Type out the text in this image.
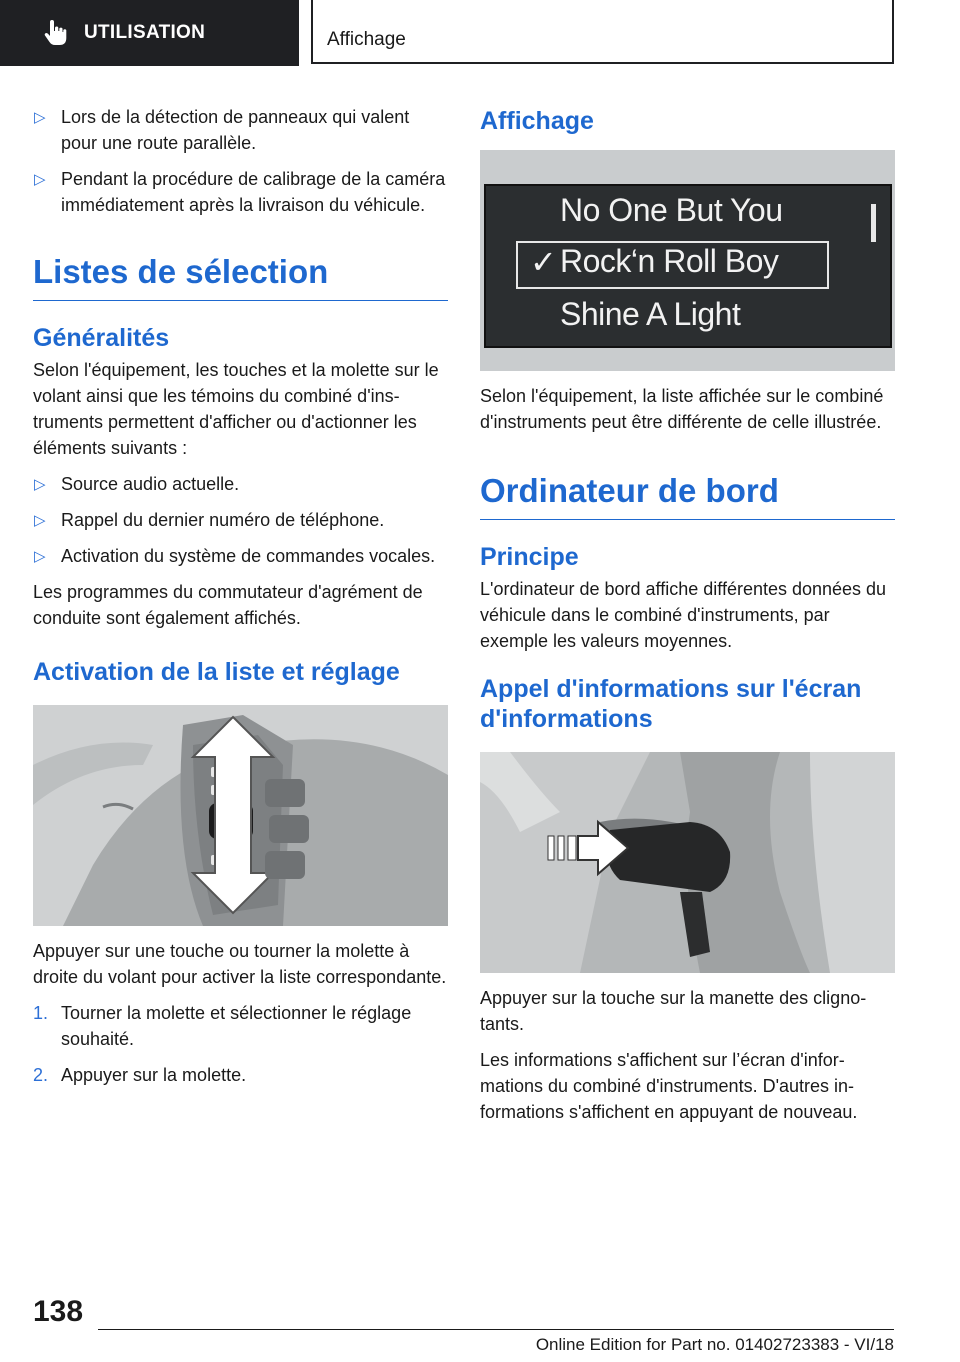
UTILISATION	Affichage
▷ Lors de la détection de panneaux qui valent pour une route parallèle.
▷ Pendant la procédure de calibrage de la caméra immédiatement après la livraison du véhicule.
Listes de sélection
Généralités

Selon l'équipement, les touches et la molette sur le volant ainsi que les témoins du combiné d'instruments permettent d'afficher ou d'actionner les éléments suivants :

▷ Source audio actuelle.
▷ Rappel du dernier numéro de téléphone.
▷ Activation du système de commandes vocales.

Les programmes du commutateur d'agrément de conduite sont également affichés.

Activation de la liste et réglage

Appuyer sur une touche ou tourner la molette à droite du volant pour activer la liste correspondante.

1. Tourner la molette et sélectionner le réglage souhaité.
2. Appuyer sur la molette.
Affichage
No One But You
✓ Rock‘n Roll Boy
Shine A Light

Selon l'équipement, la liste affichée sur le combiné d'instruments peut être différente de celle illustrée.

Ordinateur de bord
Principe

L'ordinateur de bord affiche différentes données du véhicule dans le combiné d'instruments, par exemple les valeurs moyennes.

Appel d'informations sur l'écran d'informations

Appuyer sur la touche sur la manette des clignotants.

Les informations s'affichent sur l’écran d'informations du combiné d'instruments. D'autres informations s'affichent en appuyant de nouveau.

138
Online Edition for Part no. 01402723383 - VI/18
